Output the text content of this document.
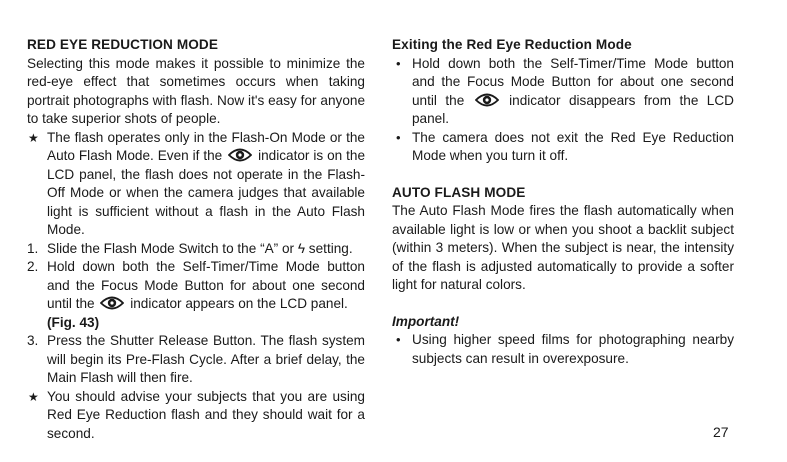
RED EYE REDUCTION MODE

Selecting this mode makes it possible to minimize the red-eye effect that sometimes occurs when taking portrait photographs with flash. Now it's easy for anyone to take superior shots of people.

★ The flash operates only in the Flash-On Mode or the Auto Flash Mode. Even if the	indicator is on the LCD panel, the flash does not operate in the Flash-Off Mode or when the camera judges that available light is sufficient without a flash in the Auto Flash Mode.
1. Slide the Flash Mode Switch to the “A” or ϟ setting.
2. Hold down both the Self-Timer/Time Mode button and the Focus Mode Button for about one second until the	indicator appears on the LCD panel.
(Fig. 43)
3. Press the Shutter Release Button. The flash system will begin its Pre-Flash Cycle. After a brief delay, the Main Flash will then fire.
★ You should advise your subjects that you are using Red Eye Reduction flash and they should wait for a second.
Exiting the Red Eye Reduction Mode
• Hold down both the Self-Timer/Time Mode button and the Focus Mode Button for about one second until the	indicator disappears from the LCD panel.
• The camera does not exit the Red Eye Reduction Mode when you turn it off.
AUTO FLASH MODE

The Auto Flash Mode fires the flash automatically when available light is low or when you shoot a backlit subject (within 3 meters). When the subject is near, the intensity of the flash is adjusted automatically to provide a softer light for natural colors.

Important!
• Using higher speed films for photographing nearby subjects can result in overexposure.
27
